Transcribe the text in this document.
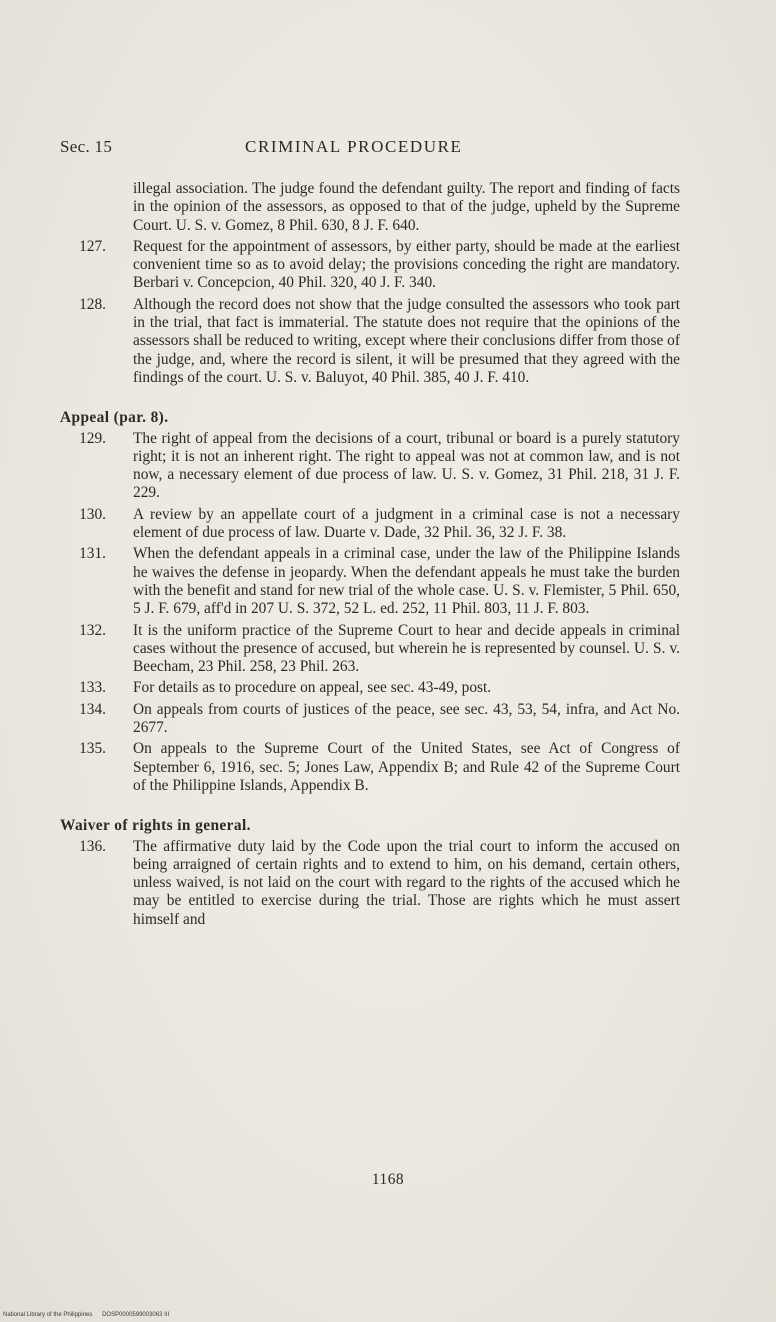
Sec. 15	CRIMINAL PROCEDURE

illegal association. The judge found the defendant guilty. The report and finding of facts in the opinion of the assessors, as opposed to that of the judge, upheld by the Supreme Court. U. S. v. Gomez, 8 Phil. 630, 8 J. F. 640.

127. Request for the appointment of assessors, by either party, should be made at the earliest convenient time so as to avoid delay; the provisions conceding the right are mandatory. Berbari v. Concepcion, 40 Phil. 320, 40 J. F. 340.

128. Although the record does not show that the judge consulted the assessors who took part in the trial, that fact is immaterial. The statute does not require that the opinions of the assessors shall be reduced to writing, except where their conclusions differ from those of the judge, and, where the record is silent, it will be presumed that they agreed with the findings of the court. U. S. v. Baluyot, 40 Phil. 385, 40 J. F. 410.

Appeal (par. 8).

129. The right of appeal from the decisions of a court, tribunal or board is a purely statutory right; it is not an inherent right. The right to appeal was not at common law, and is not now, a necessary element of due process of law. U. S. v. Gomez, 31 Phil. 218, 31 J. F. 229.

130. A review by an appellate court of a judgment in a criminal case is not a necessary element of due process of law. Duarte v. Dade, 32 Phil. 36, 32 J. F. 38.

131. When the defendant appeals in a criminal case, under the law of the Philippine Islands he waives the defense in jeopardy. When the defendant appeals he must take the burden with the benefit and stand for new trial of the whole case. U. S. v. Flemister, 5 Phil. 650, 5 J. F. 679, aff'd in 207 U. S. 372, 52 L. ed. 252, 11 Phil. 803, 11 J. F. 803.

132. It is the uniform practice of the Supreme Court to hear and decide appeals in criminal cases without the presence of accused, but wherein he is represented by counsel. U. S. v. Beecham, 23 Phil. 258, 23 Phil. 263.

133. For details as to procedure on appeal, see sec. 43-49, post.

134. On appeals from courts of justices of the peace, see sec. 43, 53, 54, infra, and Act No. 2677.

135. On appeals to the Supreme Court of the United States, see Act of Congress of September 6, 1916, sec. 5; Jones Law, Appendix B; and Rule 42 of the Supreme Court of the Philippine Islands, Appendix B.

Waiver of rights in general.

136. The affirmative duty laid by the Code upon the trial court to inform the accused on being arraigned of certain rights and to extend to him, on his demand, certain others, unless waived, is not laid on the court with regard to the rights of the accused which he may be entitled to exercise during the trial. Those are rights which he must assert himself and

1168
National Library of the Philippines DOSP0000599003063 III
